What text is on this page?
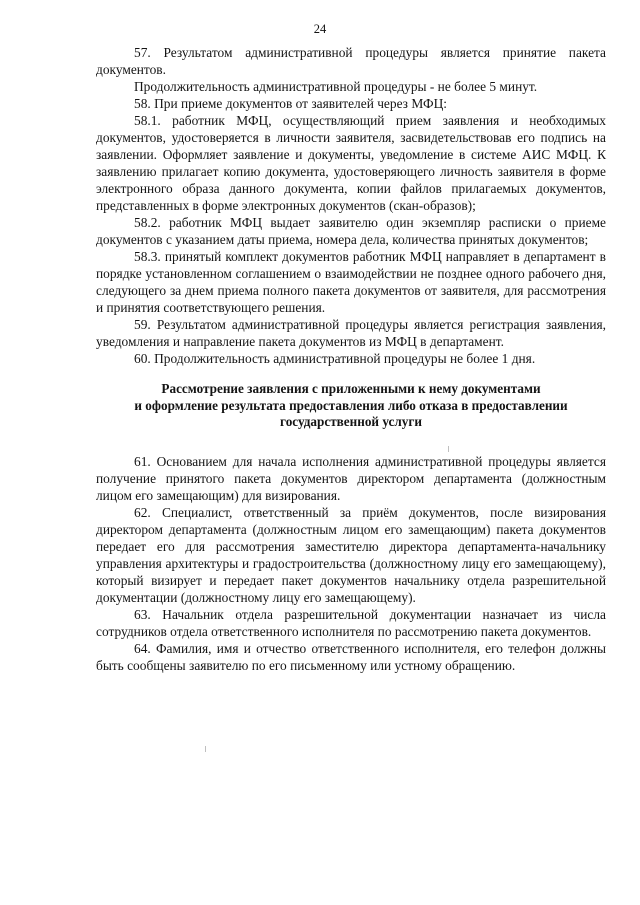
24

57. Результатом административной процедуры является принятие пакета документов.

Продолжительность административной процедуры - не более 5 минут.

58. При приеме документов от заявителей через МФЦ:

58.1. работник МФЦ, осуществляющий прием заявления и необходимых документов, удостоверяется в личности заявителя, засвидетельствовав его подпись на заявлении. Оформляет заявление и документы, уведомление в системе АИС МФЦ. К заявлению прилагает копию документа, удостоверяющего личность заявителя в форме электронного образа данного документа, копии файлов прилагаемых документов, представленных в форме электронных документов (скан-образов);

58.2. работник МФЦ выдает заявителю один экземпляр расписки о приеме документов с указанием даты приема, номера дела, количества принятых документов;

58.3. принятый комплект документов работник МФЦ направляет в департамент в порядке установленном соглашением о взаимодействии не позднее одного рабочего дня, следующего за днем приема полного пакета документов от заявителя, для рассмотрения и принятия соответствующего решения.

59. Результатом административной процедуры является регистрация заявления, уведомления и направление пакета документов из МФЦ в департамент.

60. Продолжительность административной процедуры не более 1 дня.

Рассмотрение заявления с приложенными к нему документами
и оформление результата предоставления либо отказа в предоставлении
государственной услуги

61. Основанием для начала исполнения административной процедуры является получение принятого пакета документов директором департамента (должностным лицом его замещающим) для визирования.

62. Специалист, ответственный за приём документов, после визирования директором департамента (должностным лицом его замещающим) пакета документов передает его для рассмотрения заместителю директора департамента-начальнику управления архитектуры и градостроительства (должностному лицу его замещающему), который визирует и передает пакет документов начальнику отдела разрешительной документации (должностному лицу его замещающему).

63. Начальник отдела разрешительной документации назначает из числа сотрудников отдела ответственного исполнителя по рассмотрению пакета документов.

64. Фамилия, имя и отчество ответственного исполнителя, его телефон должны быть сообщены заявителю по его письменному или устному обращению.
